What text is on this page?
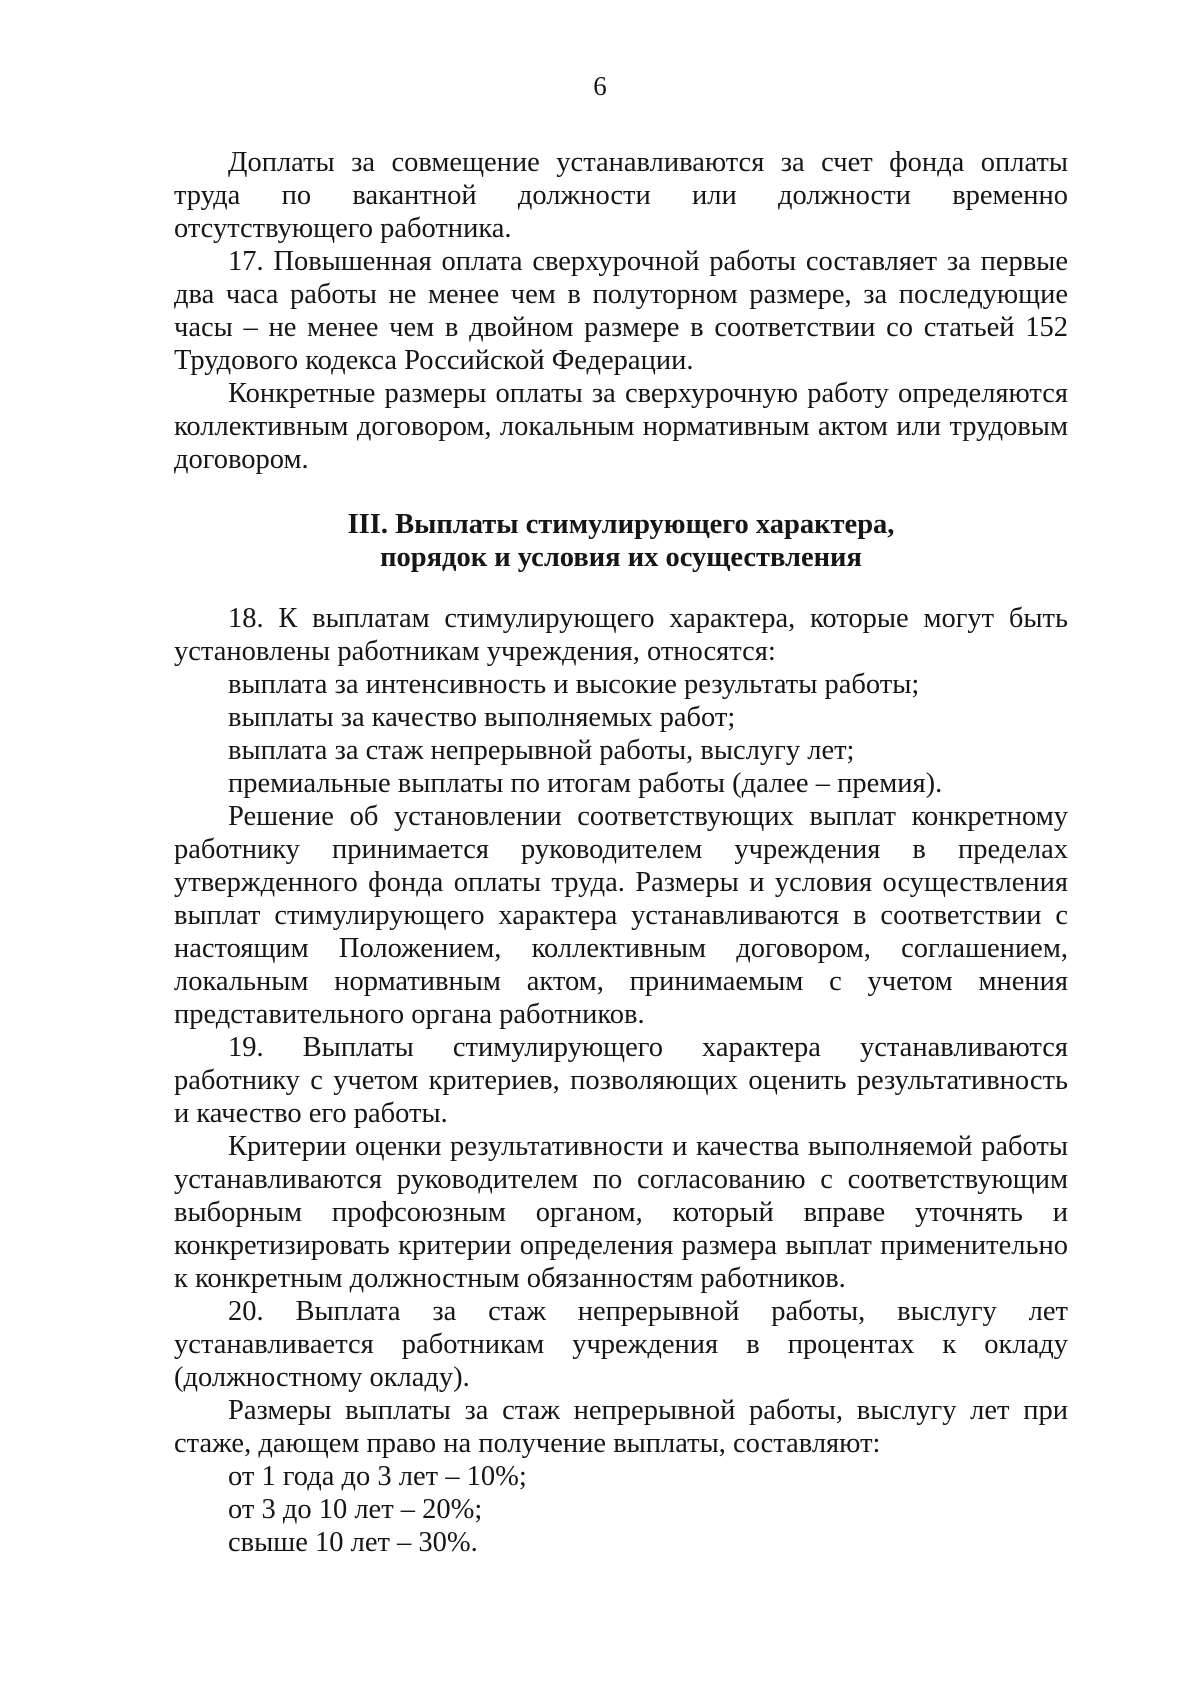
6

Доплаты за совмещение устанавливаются за счет фонда оплаты труда по вакантной должности или должности временно отсутствующего работника.

17. Повышенная оплата сверхурочной работы составляет за первые два часа работы не менее чем в полуторном размере, за последующие часы – не менее чем в двойном размере в соответствии со статьей 152 Трудового кодекса Российской Федерации.

Конкретные размеры оплаты за сверхурочную работу определяются коллективным договором, локальным нормативным актом или трудовым договором.

III. Выплаты стимулирующего характера,

порядок и условия их осуществления

18. К выплатам стимулирующего характера, которые могут быть установлены работникам учреждения, относятся:

выплата за интенсивность и высокие результаты работы;

выплаты за качество выполняемых работ;

выплата за стаж непрерывной работы, выслугу лет;

премиальные выплаты по итогам работы (далее – премия).

Решение об установлении соответствующих выплат конкретному работнику принимается руководителем учреждения в пределах утвержденного фонда оплаты труда. Размеры и условия осуществления выплат стимулирующего характера устанавливаются в соответствии с настоящим Положением, коллективным договором, соглашением, локальным нормативным актом, принимаемым с учетом мнения представительного органа работников.

19. Выплаты стимулирующего характера устанавливаются работнику с учетом критериев, позволяющих оценить результативность и качество его работы.

Критерии оценки результативности и качества выполняемой работы устанавливаются руководителем по согласованию с соответствующим выборным профсоюзным органом, который вправе уточнять и конкретизировать критерии определения размера выплат применительно к конкретным должностным обязанностям работников.

20. Выплата за стаж непрерывной работы, выслугу лет устанавливается работникам учреждения в процентах к окладу (должностному окладу).

Размеры выплаты за стаж непрерывной работы, выслугу лет при стаже, дающем право на получение выплаты, составляют:

от 1 года до 3 лет – 10%;

от 3 до 10 лет – 20%;

свыше 10 лет – 30%.
